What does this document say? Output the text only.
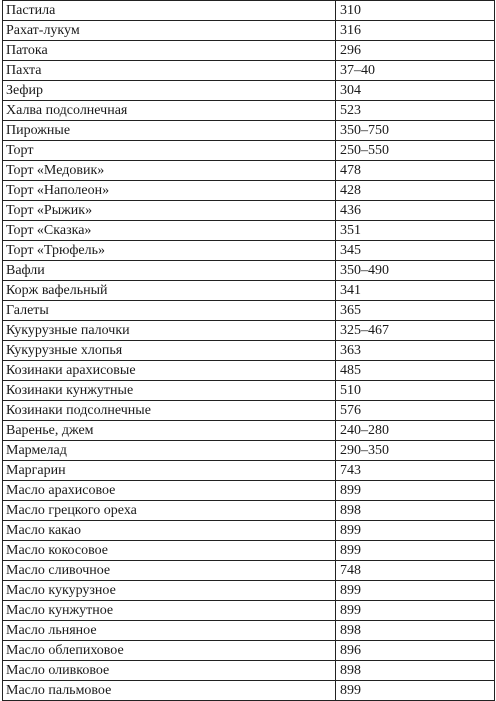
Пастила	310
Рахат-лукум	316
Патока	296
Пахта	37–40
Зефир	304
Халва подсолнечная	523
Пирожные	350–750
Торт	250–550
Торт «Медовик»	478
Торт «Наполеон»	428
Торт «Рыжик»	436
Торт «Сказка»	351
Торт «Трюфель»	345
Вафли	350–490
Корж вафельный	341
Галеты	365
Кукурузные палочки	325–467
Кукурузные хлопья	363
Козинаки арахисовые	485
Козинаки кунжутные	510
Козинаки подсолнечные	576
Варенье, джем	240–280
Мармелад	290–350
Маргарин	743
Масло арахисовое	899
Масло грецкого ореха	898
Масло какао	899
Масло кокосовое	899
Масло сливочное	748
Масло кукурузное	899
Масло кунжутное	899
Масло льняное	898
Масло облепиховое	896
Масло оливковое	898
Масло пальмовое	899
